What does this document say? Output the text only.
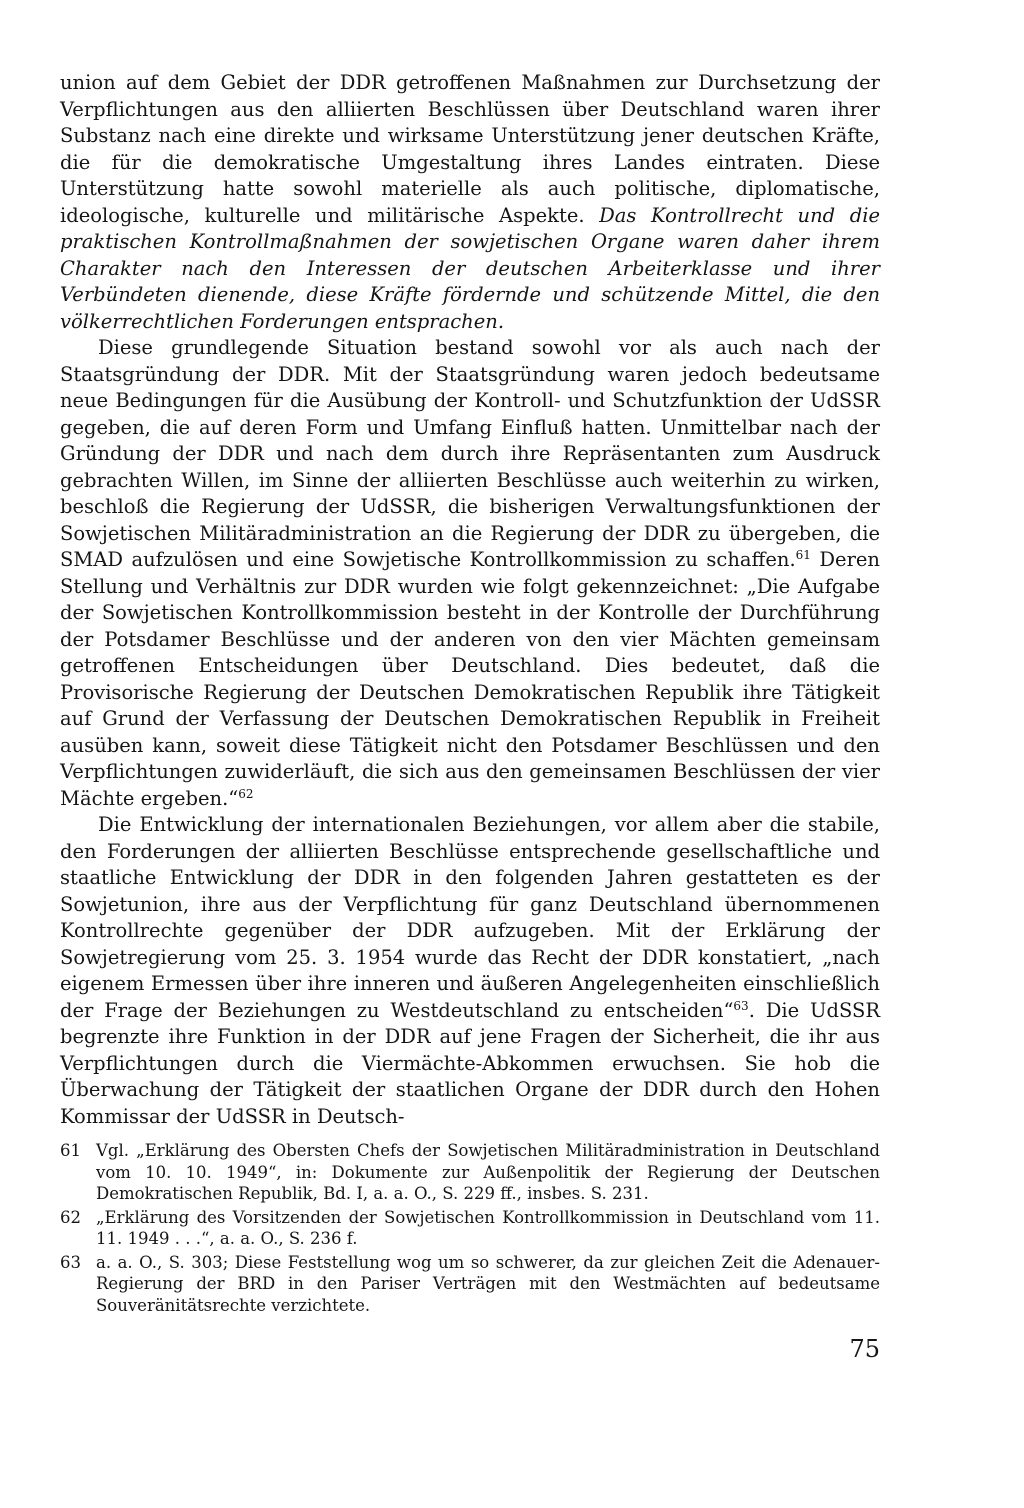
union auf dem Gebiet der DDR getroffenen Maßnahmen zur Durchsetzung der Verpflichtungen aus den alliierten Beschlüssen über Deutschland waren ihrer Substanz nach eine direkte und wirksame Unterstützung jener deutschen Kräfte, die für die demokratische Umgestaltung ihres Landes eintraten. Diese Unterstützung hatte sowohl materielle als auch politische, diplomatische, ideologische, kulturelle und militärische Aspekte. Das Kontrollrecht und die praktischen Kontrollmaßnahmen der sowjetischen Organe waren daher ihrem Charakter nach den Interessen der deutschen Arbeiterklasse und ihrer Verbündeten dienende, diese Kräfte fördernde und schützende Mittel, die den völkerrechtlichen Forderungen entsprachen.

Diese grundlegende Situation bestand sowohl vor als auch nach der Staatsgründung der DDR. Mit der Staatsgründung waren jedoch bedeutsame neue Bedingungen für die Ausübung der Kontroll- und Schutzfunktion der UdSSR gegeben, die auf deren Form und Umfang Einfluß hatten. Unmittelbar nach der Gründung der DDR und nach dem durch ihre Repräsentanten zum Ausdruck gebrachten Willen, im Sinne der alliierten Beschlüsse auch weiterhin zu wirken, beschloß die Regierung der UdSSR, die bisherigen Verwaltungsfunktionen der Sowjetischen Militäradministration an die Regierung der DDR zu übergeben, die SMAD aufzulösen und eine Sowjetische Kontrollkommission zu schaffen.$^{61}$ Deren Stellung und Verhältnis zur DDR wurden wie folgt gekennzeichnet: „Die Aufgabe der Sowjetischen Kontrollkommission besteht in der Kontrolle der Durchführung der Potsdamer Beschlüsse und der anderen von den vier Mächten gemeinsam getroffenen Entscheidungen über Deutschland. Dies bedeutet, daß die Provisorische Regierung der Deutschen Demokratischen Republik ihre Tätigkeit auf Grund der Verfassung der Deutschen Demokratischen Republik in Freiheit ausüben kann, soweit diese Tätigkeit nicht den Potsdamer Beschlüssen und den Verpflichtungen zuwiderläuft, die sich aus den gemeinsamen Beschlüssen der vier Mächte ergeben.“$^{62}$

Die Entwicklung der internationalen Beziehungen, vor allem aber die stabile, den Forderungen der alliierten Beschlüsse entsprechende gesellschaftliche und staatliche Entwicklung der DDR in den folgenden Jahren gestatteten es der Sowjetunion, ihre aus der Verpflichtung für ganz Deutschland übernommenen Kontrollrechte gegenüber der DDR aufzugeben. Mit der Erklärung der Sowjetregierung vom 25. 3. 1954 wurde das Recht der DDR konstatiert, „nach eigenem Ermessen über ihre inneren und äußeren Angelegenheiten einschließlich der Frage der Beziehungen zu Westdeutschland zu entscheiden“$^{63}$. Die UdSSR begrenzte ihre Funktion in der DDR auf jene Fragen der Sicherheit, die ihr aus Verpflichtungen durch die Viermächte-Abkommen erwuchsen. Sie hob die Überwachung der Tätigkeit der staatlichen Organe der DDR durch den Hohen Kommissar der UdSSR in Deutsch-

61 Vgl. „Erklärung des Obersten Chefs der Sowjetischen Militäradministration in Deutschland vom 10. 10. 1949“, in: Dokumente zur Außenpolitik der Regierung der Deutschen Demokratischen Republik, Bd. I, a. a. O., S. 229 ff., insbes. S. 231.
62 „Erklärung des Vorsitzenden der Sowjetischen Kontrollkommission in Deutschland vom 11. 11. 1949 . . .“, a. a. O., S. 236 f.
63 a. a. O., S. 303; Diese Feststellung wog um so schwerer, da zur gleichen Zeit die Adenauer-Regierung der BRD in den Pariser Verträgen mit den Westmächten auf bedeutsame Souveränitätsrechte verzichtete.
75
